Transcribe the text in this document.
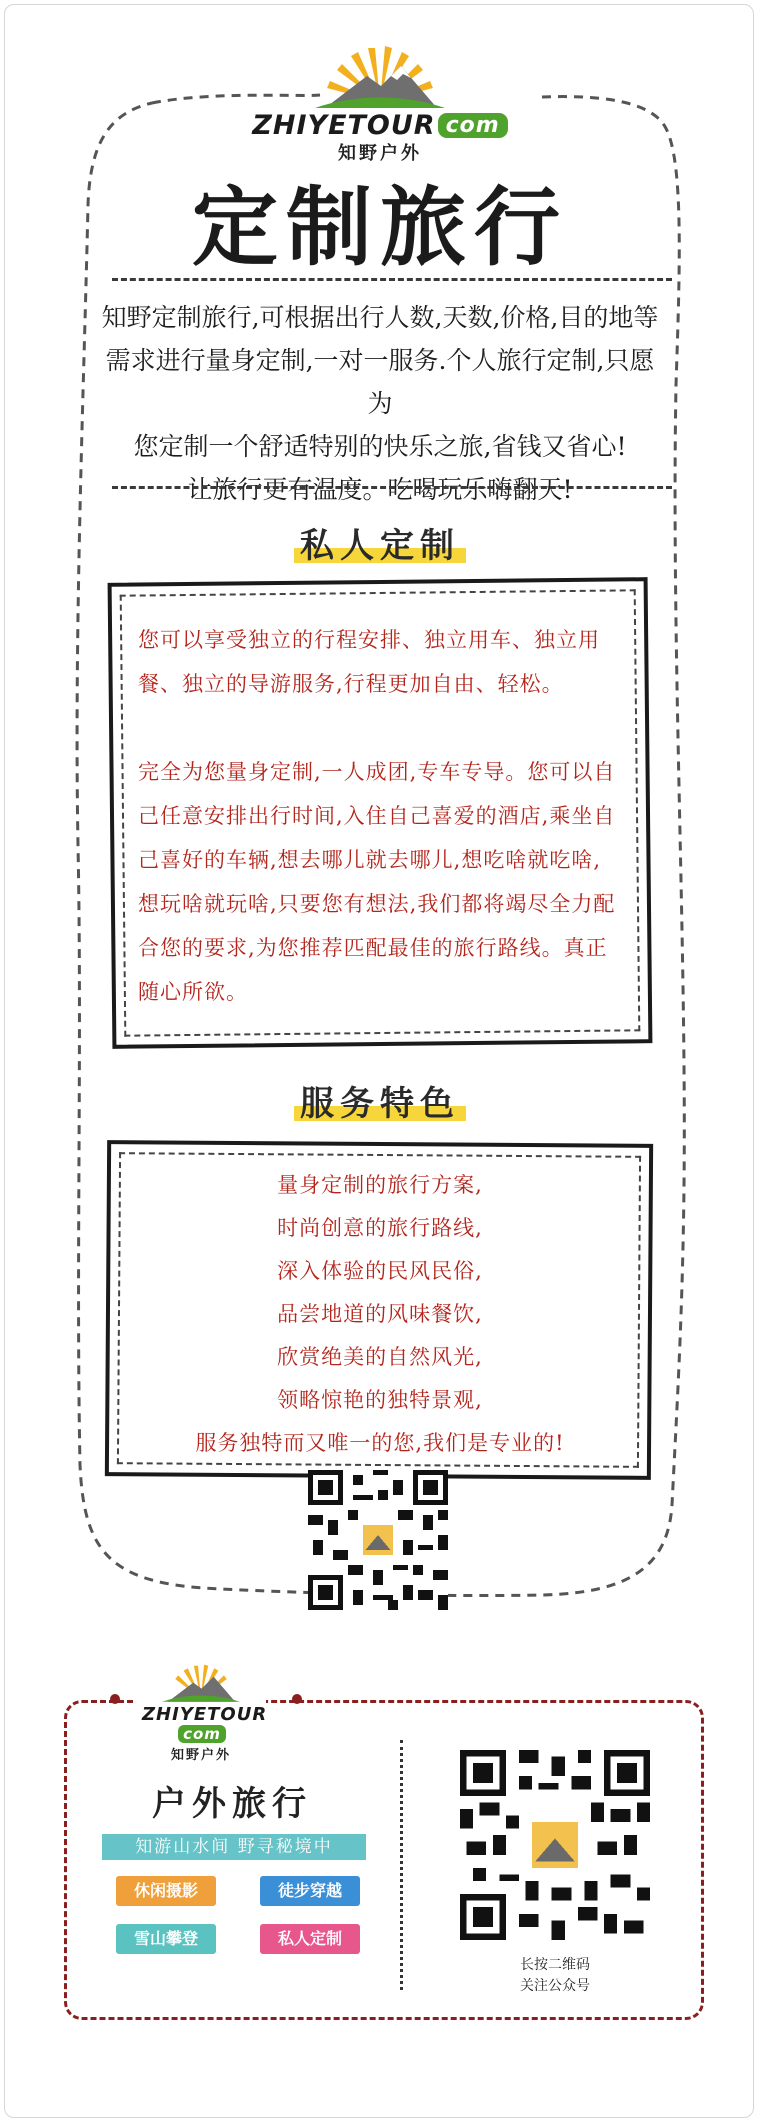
ZHIYETOUR com
知野户外
定制旅行
知野定制旅行,可根据出行人数,天数,价格,目的地等
需求进行量身定制,一对一服务.个人旅行定制,只愿为
您定制一个舒适特别的快乐之旅,省钱又省心!
让旅行更有温度。吃喝玩乐嗨翻天!
私人定制

您可以享受独立的行程安排、独立用车、独立用餐、独立的导游服务,行程更加自由、轻松。

完全为您量身定制,一人成团,专车专导。您可以自己任意安排出行时间,入住自己喜爱的酒店,乘坐自己喜好的车辆,想去哪儿就去哪儿,想吃啥就吃啥,想玩啥就玩啥,只要您有想法,我们都将竭尽全力配合您的要求,为您推荐匹配最佳的旅行路线。真正随心所欲。

服务特色
量身定制的旅行方案,
时尚创意的旅行路线,
深入体验的民风民俗,
品尝地道的风味餐饮,
欣赏绝美的自然风光,
领略惊艳的独特景观,
服务独特而又唯一的您,我们是专业的!
ZHIYETOURcom
知野户外
户外旅行
知游山水间 野寻秘境中
休闲摄影	徒步穿越
雪山攀登	私人定制
长按二维码
关注公众号
